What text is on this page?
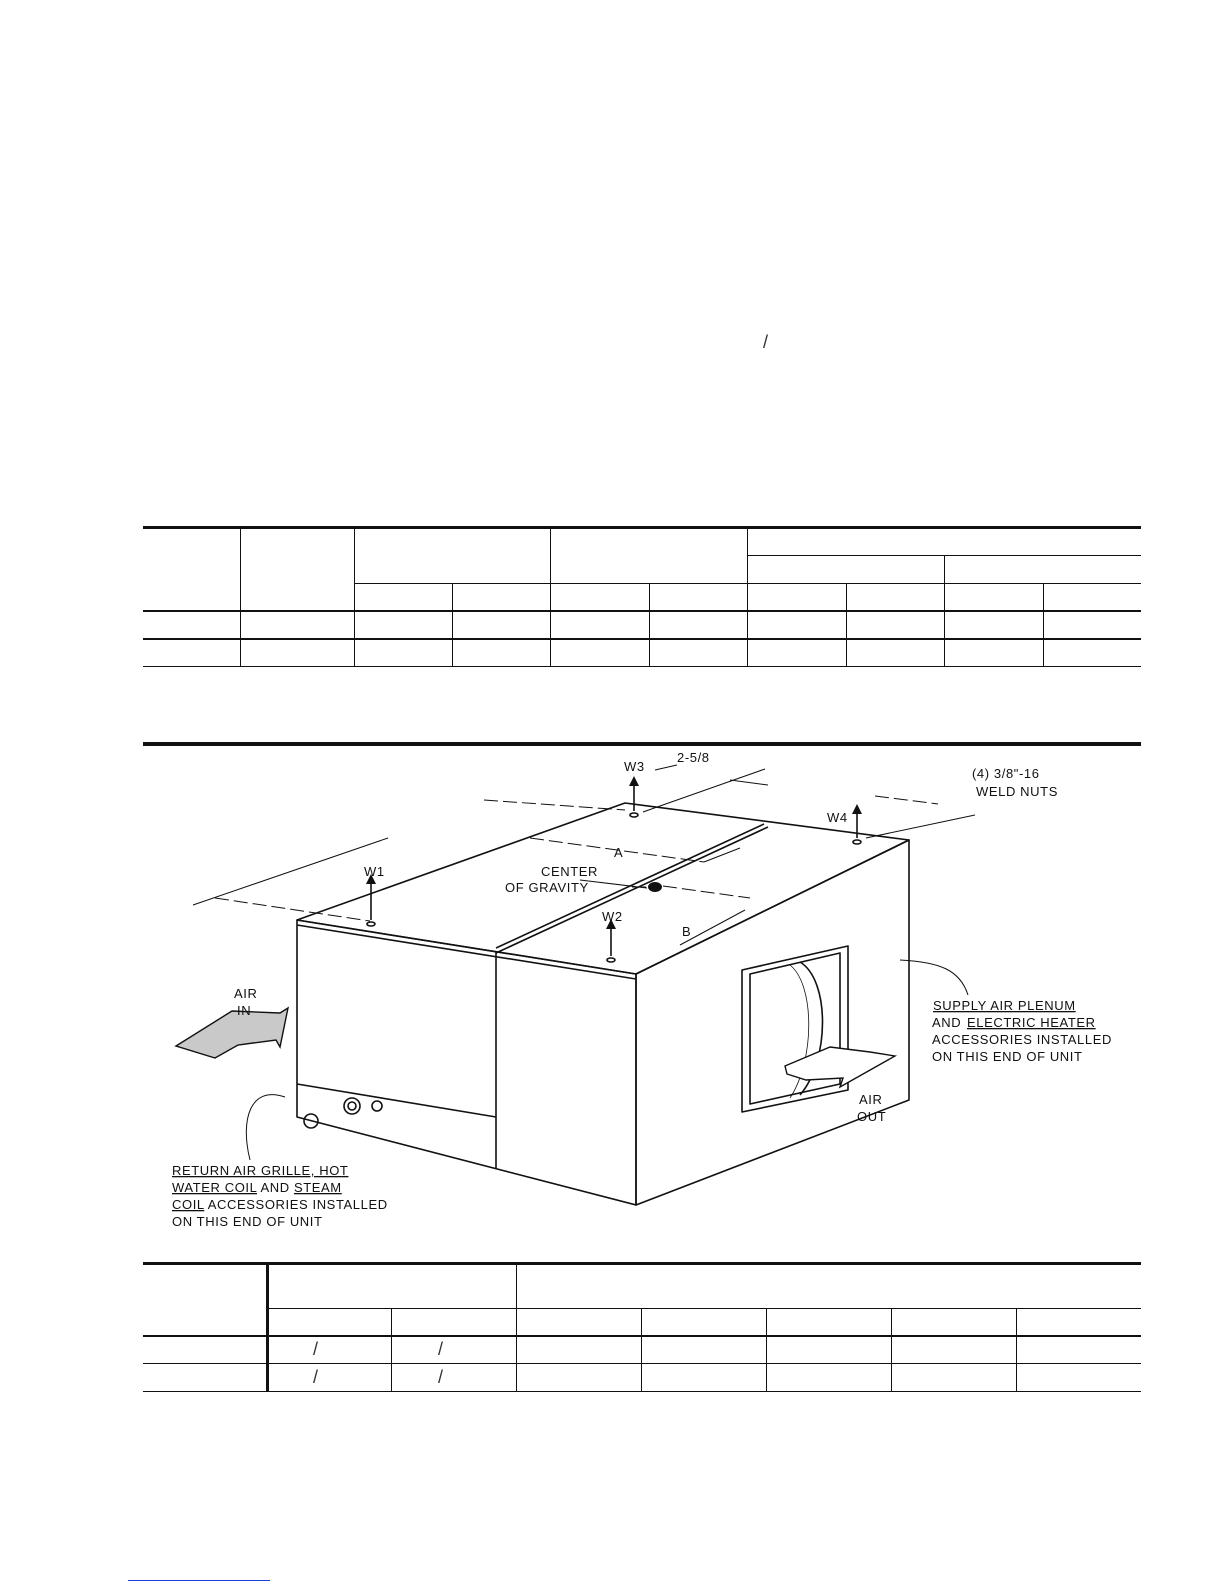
/
W3
2-5/8
(4) 3/8"-16
WELD NUTS
W4
A
W1	CENTER
OF GRAVITY
W2
B
AIR
IN	SUPPLY AIR PLENUM
AND ELECTRIC HEATER
ACCESSORIES INSTALLED
ON THIS END OF UNIT
AIR
OUT
RETURN AIR GRILLE, HOT
WATER COIL AND STEAM
COIL ACCESSORIES INSTALLED
ON THIS END OF UNIT
/	/
/	/
